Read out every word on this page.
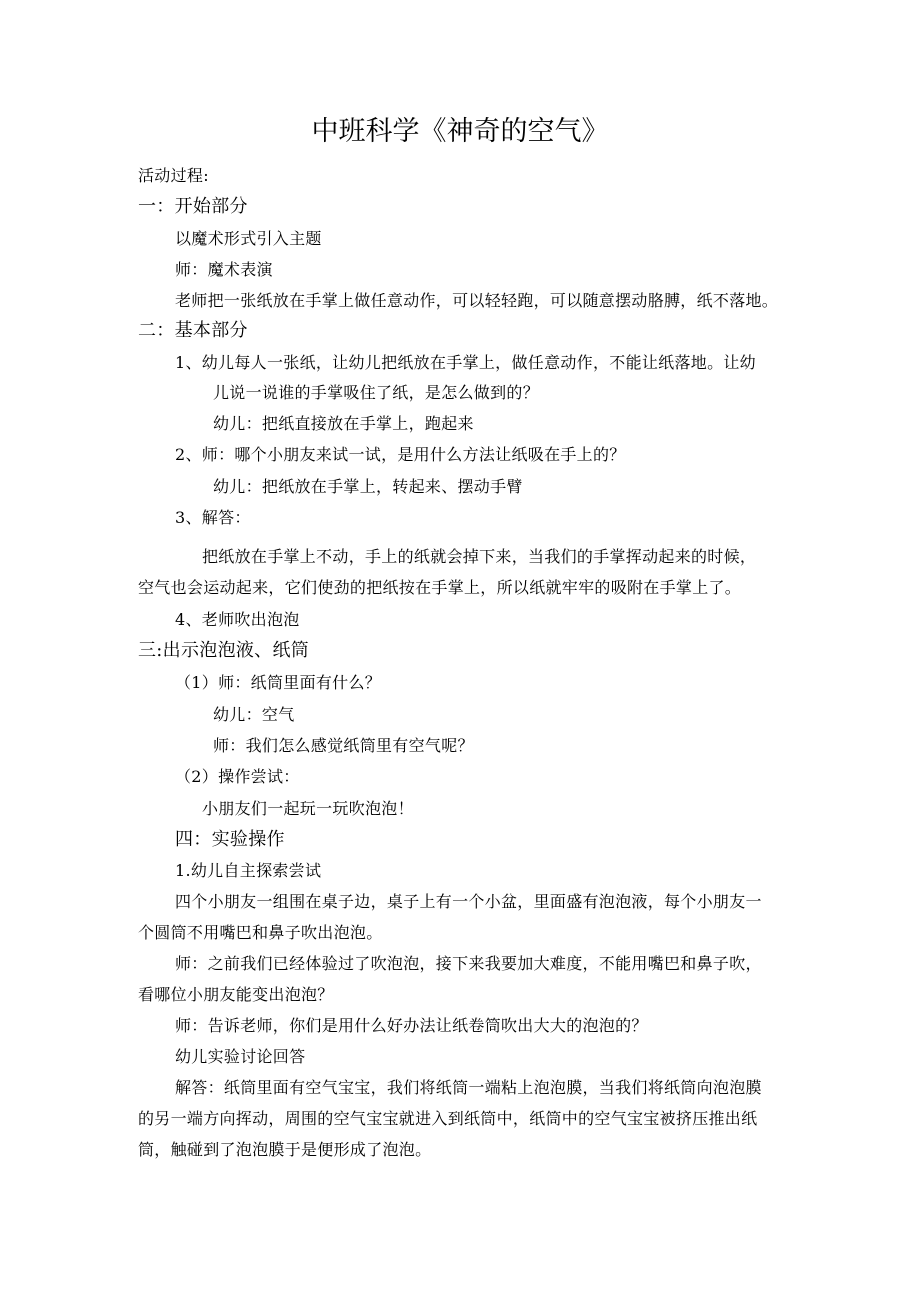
中班科学《神奇的空气》
活动过程:
一：开始部分
以魔术形式引入主题
师：魔术表演
老师把一张纸放在手掌上做任意动作，可以轻轻跑，可以随意摆动胳膊，纸不落地。
二：基本部分
1、幼儿每人一张纸，让幼儿把纸放在手掌上，做任意动作，不能让纸落地。让幼
儿说一说谁的手掌吸住了纸，是怎么做到的？
幼儿：把纸直接放在手掌上，跑起来
2、师：哪个小朋友来试一试，是用什么方法让纸吸在手上的？
幼儿：把纸放在手掌上，转起来、摆动手臂
3、解答：
把纸放在手掌上不动，手上的纸就会掉下来，当我们的手掌挥动起来的时候，
空气也会运动起来，它们使劲的把纸按在手掌上，所以纸就牢牢的吸附在手掌上了。
4、老师吹出泡泡
三:出示泡泡液、纸筒
（1）师：纸筒里面有什么？
幼儿：空气
师：我们怎么感觉纸筒里有空气呢？
（2）操作尝试：
小朋友们一起玩一玩吹泡泡！
四：实验操作
1.幼儿自主探索尝试
四个小朋友一组围在桌子边，桌子上有一个小盆，里面盛有泡泡液，每个小朋友一
个圆筒不用嘴巴和鼻子吹出泡泡。
师：之前我们已经体验过了吹泡泡，接下来我要加大难度，不能用嘴巴和鼻子吹，
看哪位小朋友能变出泡泡？
师：告诉老师，你们是用什么好办法让纸卷筒吹出大大的泡泡的？
幼儿实验讨论回答
解答：纸筒里面有空气宝宝，我们将纸筒一端粘上泡泡膜，当我们将纸筒向泡泡膜
的另一端方向挥动，周围的空气宝宝就进入到纸筒中，纸筒中的空气宝宝被挤压推出纸
筒，触碰到了泡泡膜于是便形成了泡泡。
